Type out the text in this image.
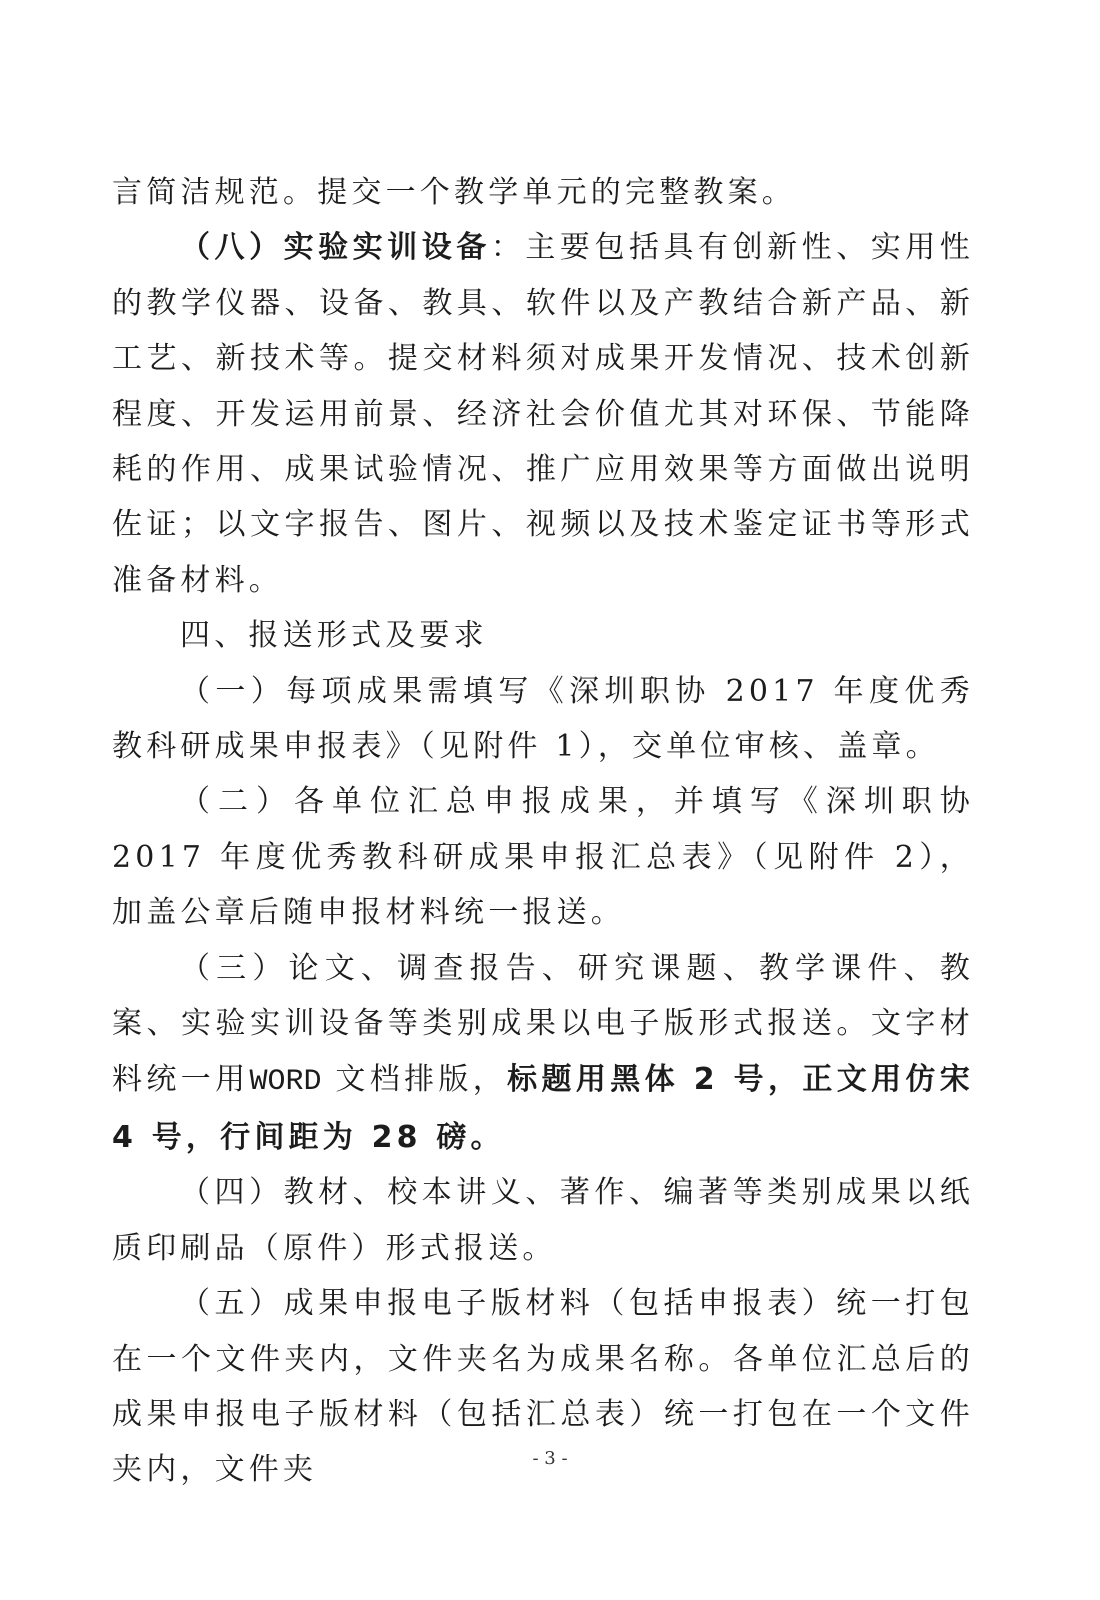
言简洁规范。提交一个教学单元的完整教案。

（八）实验实训设备：主要包括具有创新性、实用性的教学仪器、设备、教具、软件以及产教结合新产品、新工艺、新技术等。提交材料须对成果开发情况、技术创新程度、开发运用前景、经济社会价值尤其对环保、节能降耗的作用、成果试验情况、推广应用效果等方面做出说明佐证；以文字报告、图片、视频以及技术鉴定证书等形式准备材料。

四、报送形式及要求

（一）每项成果需填写《深圳职协 2017 年度优秀教科研成果申报表》（见附件 1），交单位审核、盖章。

（二）各单位汇总申报成果，并填写《深圳职协 2017 年度优秀教科研成果申报汇总表》（见附件 2），加盖公章后随申报材料统一报送。

（三）论文、调查报告、研究课题、教学课件、教案、实验实训设备等类别成果以电子版形式报送。文字材料统一用WORD 文档排版，标题用黑体 2 号，正文用仿宋 4 号，行间距为 28 磅。

（四）教材、校本讲义、著作、编著等类别成果以纸质印刷品（原件）形式报送。

（五）成果申报电子版材料（包括申报表）统一打包在一个文件夹内，文件夹名为成果名称。各单位汇总后的成果申报电子版材料（包括汇总表）统一打包在一个文件夹内，文件夹	- 3 -
